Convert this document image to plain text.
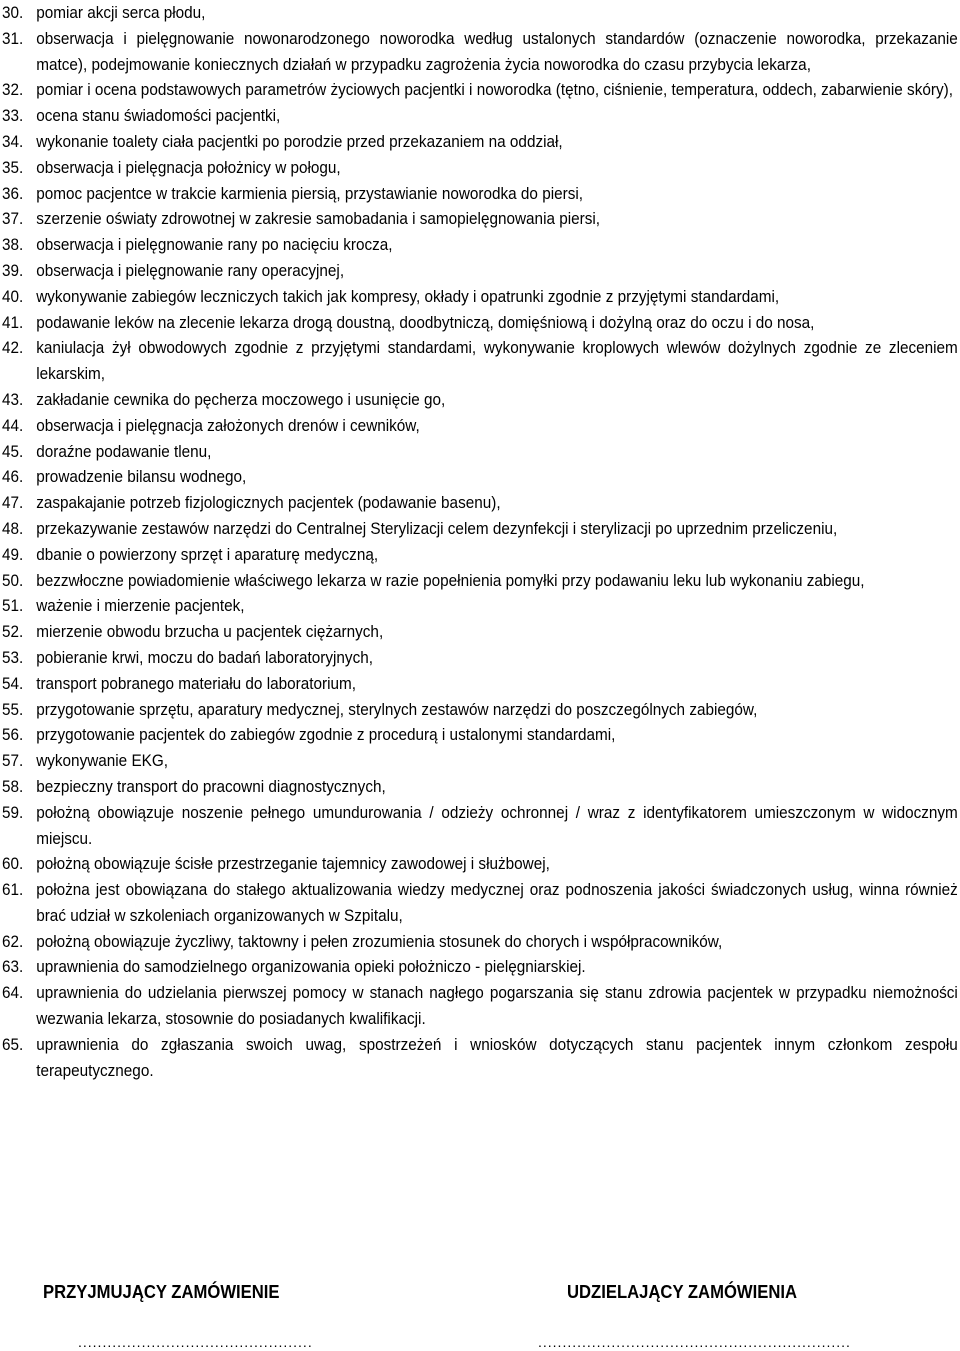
30. pomiar akcji serca płodu,
31. obserwacja i pielęgnowanie nowonarodzonego noworodka według ustalonych standardów (oznaczenie noworodka, przekazanie matce), podejmowanie koniecznych działań w przypadku zagrożenia życia noworodka do czasu przybycia lekarza,
32. pomiar i ocena podstawowych parametrów życiowych pacjentki i noworodka (tętno, ciśnienie, temperatura, oddech, zabarwienie skóry),
33. ocena stanu świadomości pacjentki,
34. wykonanie toalety ciała pacjentki po porodzie przed przekazaniem na oddział,
35. obserwacja i pielęgnacja położnicy w połogu,
36. pomoc pacjentce w trakcie karmienia piersią, przystawianie noworodka do piersi,
37. szerzenie oświaty zdrowotnej w zakresie samobadania i samopielęgnowania piersi,
38. obserwacja i pielęgnowanie rany po nacięciu krocza,
39. obserwacja i pielęgnowanie rany operacyjnej,
40. wykonywanie zabiegów leczniczych takich jak kompresy, okłady i opatrunki zgodnie z przyjętymi standardami,
41. podawanie leków na zlecenie lekarza drogą doustną, doodbytniczą, domięśniową i dożylną oraz do oczu i do nosa,
42. kaniulacja żył obwodowych zgodnie z przyjętymi standardami, wykonywanie kroplowych wlewów dożylnych zgodnie ze zleceniem lekarskim,
43. zakładanie cewnika do pęcherza moczowego i usunięcie go,
44. obserwacja i pielęgnacja założonych drenów i cewników,
45. doraźne podawanie tlenu,
46. prowadzenie bilansu wodnego,
47. zaspakajanie potrzeb fizjologicznych pacjentek (podawanie basenu),
48. przekazywanie zestawów narzędzi do Centralnej Sterylizacji celem dezynfekcji i sterylizacji po uprzednim przeliczeniu,
49. dbanie o powierzony sprzęt i aparaturę medyczną,
50. bezzwłoczne powiadomienie właściwego lekarza w razie popełnienia pomyłki przy podawaniu leku lub wykonaniu zabiegu,
51. ważenie i mierzenie pacjentek,
52. mierzenie obwodu brzucha u pacjentek ciężarnych,
53. pobieranie krwi, moczu do badań laboratoryjnych,
54. transport pobranego materiału do laboratorium,
55. przygotowanie sprzętu, aparatury medycznej, sterylnych zestawów narzędzi do poszczególnych zabiegów,
56. przygotowanie pacjentek do zabiegów zgodnie z procedurą i ustalonymi standardami,
57. wykonywanie EKG,
58. bezpieczny transport do pracowni diagnostycznych,
59. położną obowiązuje noszenie pełnego umundurowania / odzieży ochronnej / wraz z identyfikatorem umieszczonym w widocznym miejscu.
60. położną obowiązuje ścisłe przestrzeganie tajemnicy zawodowej i służbowej,
61. położna jest obowiązana do stałego aktualizowania wiedzy medycznej oraz podnoszenia jakości świadczonych usług, winna również brać udział w szkoleniach organizowanych w Szpitalu,
62. położną obowiązuje życzliwy, taktowny i pełen zrozumienia stosunek do chorych i współpracowników,
63. uprawnienia do samodzielnego organizowania opieki położniczo - pielęgniarskiej.
64. uprawnienia do udzielania pierwszej pomocy w stanach nagłego pogarszania się stanu zdrowia pacjentek w przypadku niemożności wezwania lekarza, stosownie do posiadanych kwalifikacji.
65. uprawnienia do zgłaszania swoich uwag, spostrzeżeń i wniosków dotyczących stanu pacjentek innym członkom zespołu terapeutycznego.
PRZYJMUJĄCY ZAMÓWIENIE	UDZIELAJĄCY ZAMÓWIENIA
................................................	................................................................
